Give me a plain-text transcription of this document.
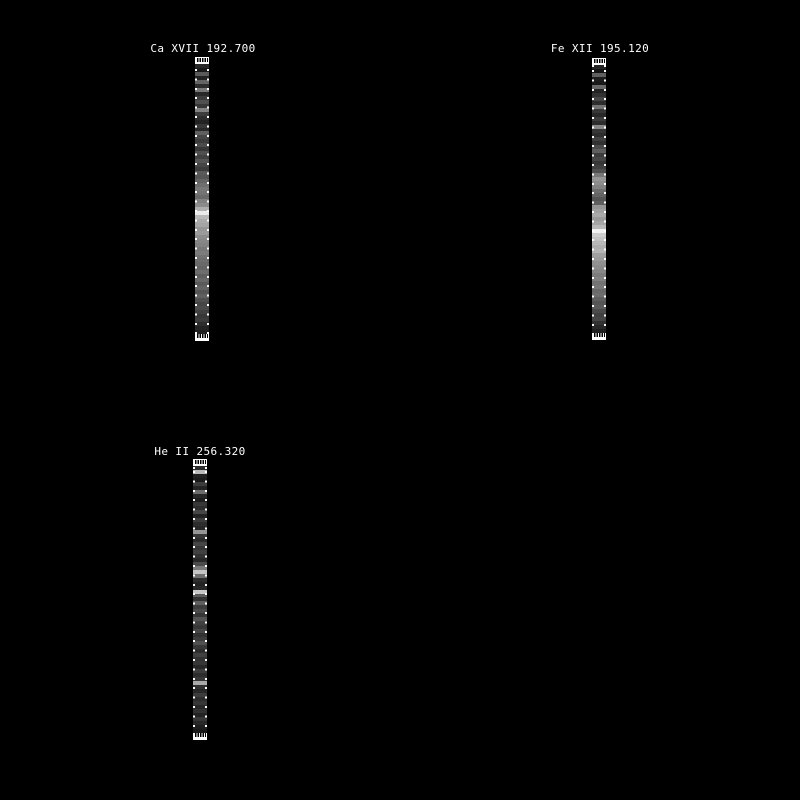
Ca XVII 192.700	Fe XII 195.120
He II 256.320
